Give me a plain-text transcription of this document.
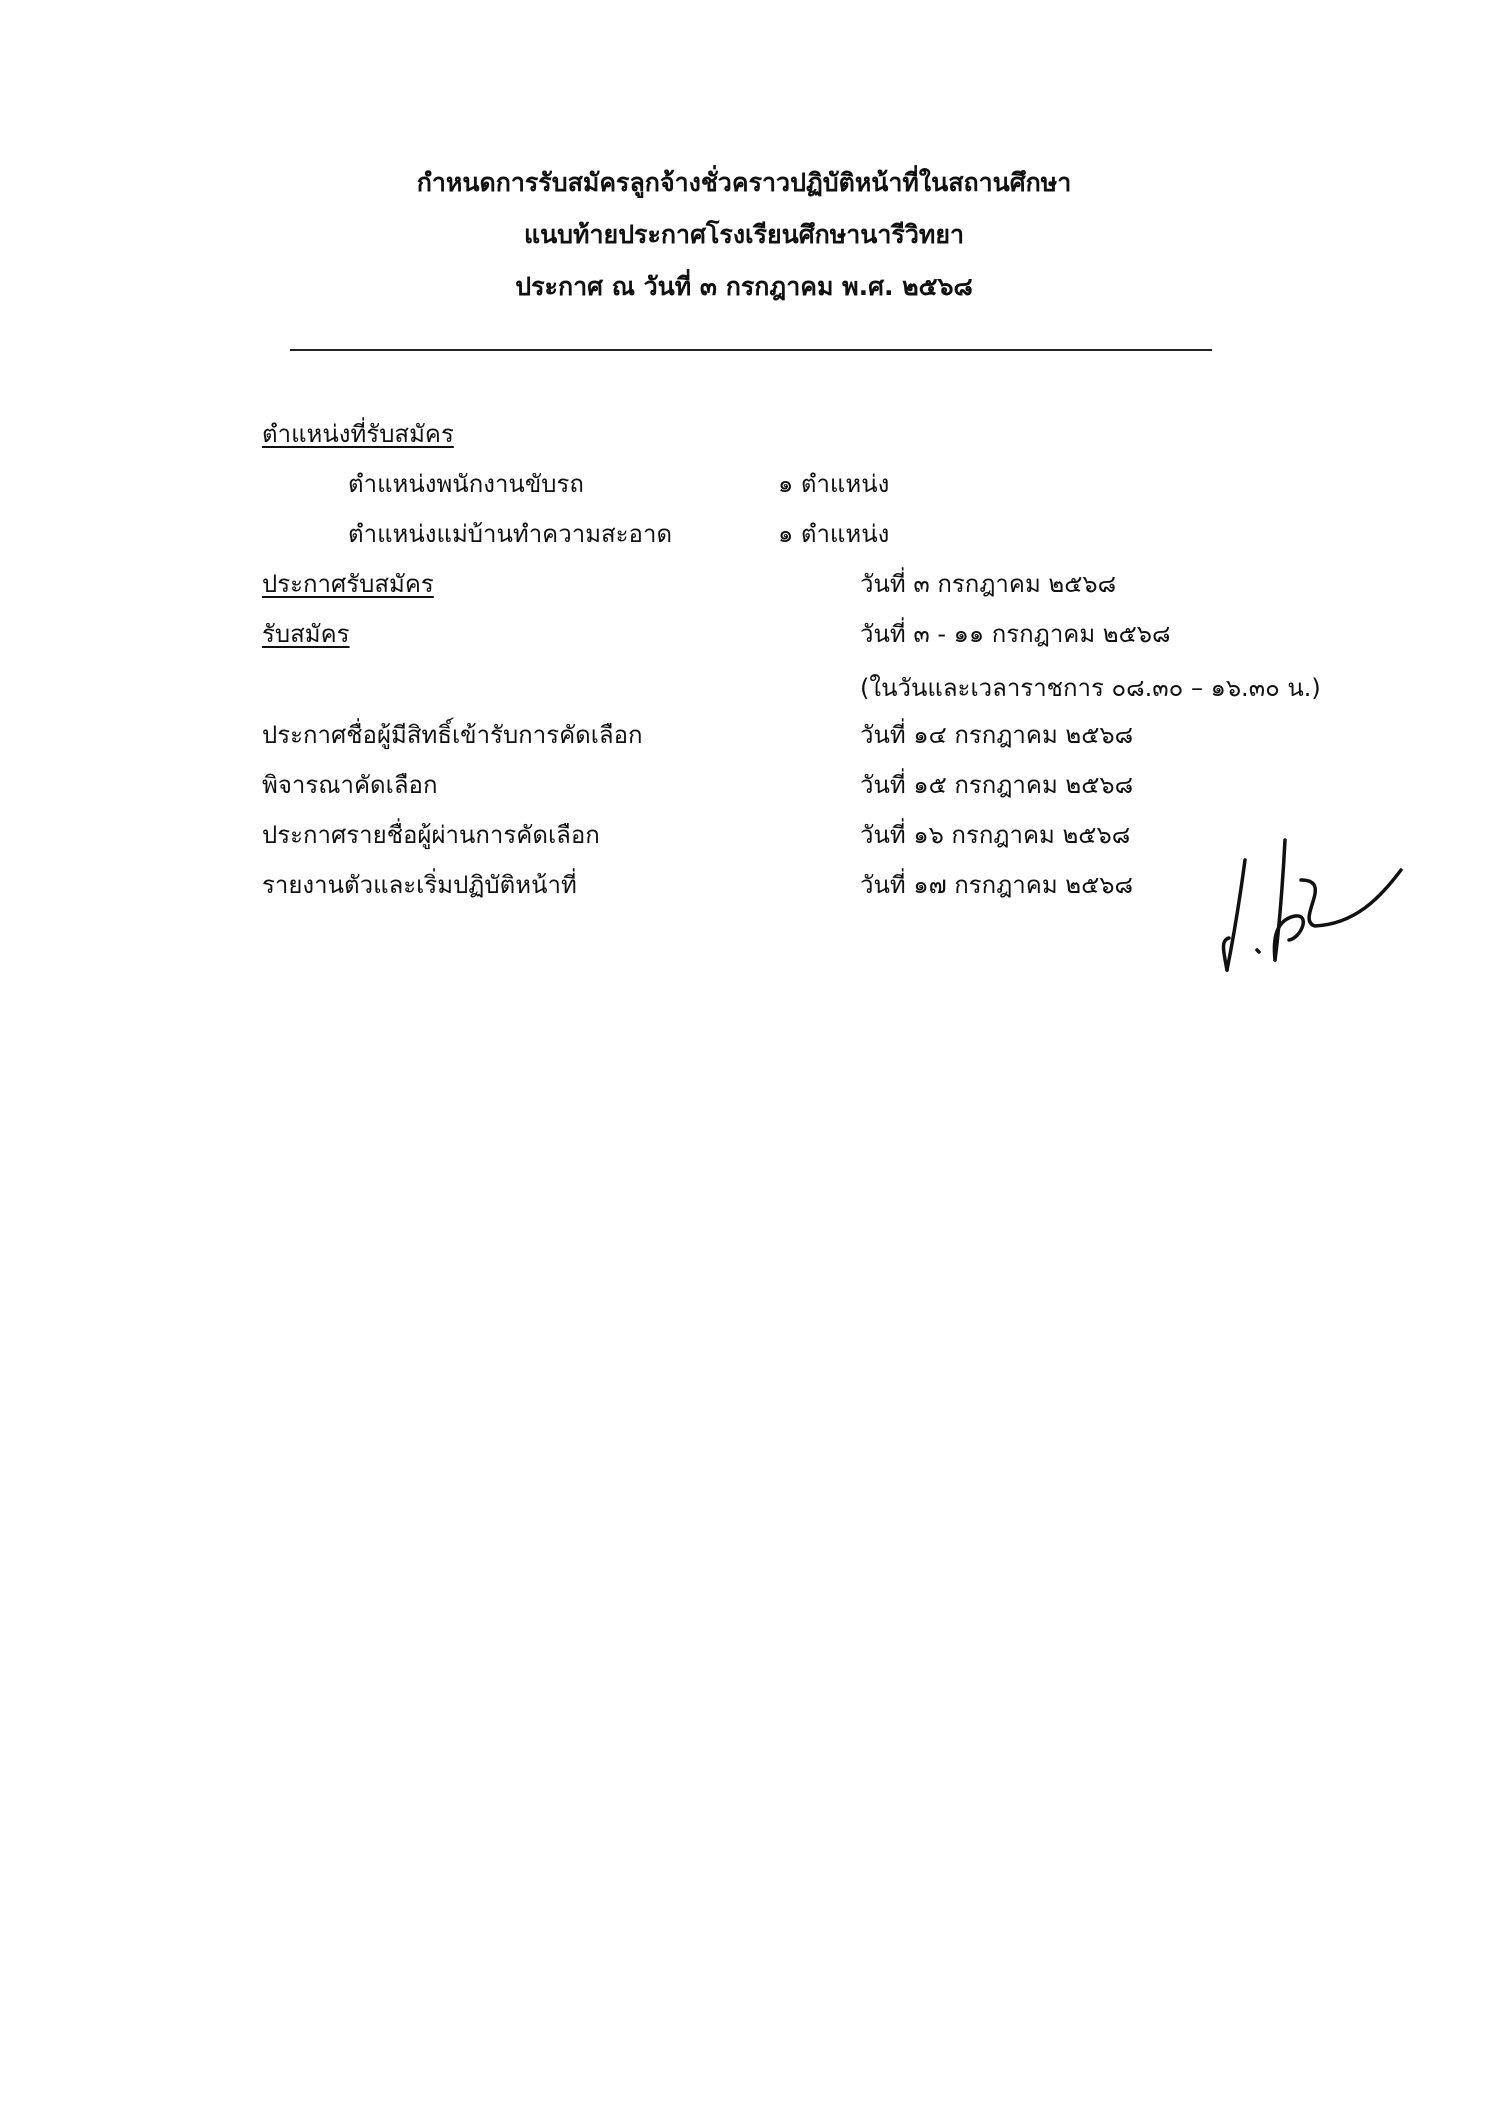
กำหนดการรับสมัครลูกจ้างชั่วคราวปฏิบัติหน้าที่ในสถานศึกษา
แนบท้ายประกาศโรงเรียนศึกษานารีวิทยา
ประกาศ ณ วันที่ ๓ กรกฎาคม พ.ศ. ๒๕๖๘
ตำแหน่งที่รับสมัคร
ตำแหน่งพนักงานขับรถ	๑ ตำแหน่ง
ตำแหน่งแม่บ้านทำความสะอาด	๑ ตำแหน่ง
ประกาศรับสมัคร	วันที่ ๓ กรกฎาคม ๒๕๖๘
รับสมัคร	วันที่ ๓ - ๑๑ กรกฎาคม ๒๕๖๘
(ในวันและเวลาราชการ ๐๘.๓๐ – ๑๖.๓๐ น.)
ประกาศชื่อผู้มีสิทธิ์เข้ารับการคัดเลือก	วันที่ ๑๔ กรกฎาคม ๒๕๖๘
พิจารณาคัดเลือก	วันที่ ๑๕ กรกฎาคม ๒๕๖๘
ประกาศรายชื่อผู้ผ่านการคัดเลือก	วันที่ ๑๖ กรกฎาคม ๒๕๖๘
รายงานตัวและเริ่มปฏิบัติหน้าที่	วันที่ ๑๗ กรกฎาคม ๒๕๖๘
